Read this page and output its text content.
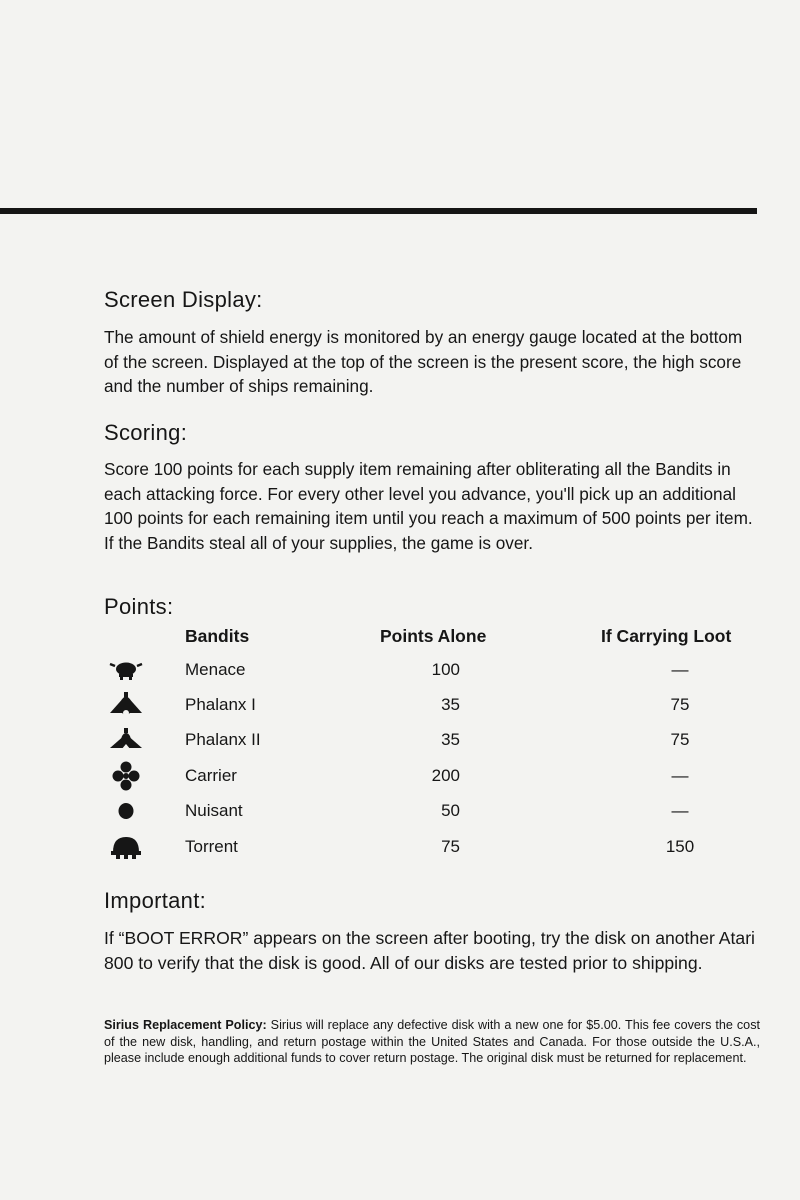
Screen Display:

The amount of shield energy is monitored by an energy gauge located at the bottom of the screen. Displayed at the top of the screen is the present score, the high score and the number of ships remaining.

Scoring:

Score 100 points for each supply item remaining after obliterating all the Bandits in each attacking force. For every other level you advance, you'll pick up an additional 100 points for each remaining item until you reach a maximum of 500 points per item. If the Bandits steal all of your supplies, the game is over.

Points:
Bandits	Points Alone	If Carrying Loot
Menace	100	—
Phalanx I	35	75
Phalanx II	35	75
Carrier	200	—
Nuisant	50	—
Torrent	75	150
Important:

If “BOOT ERROR” appears on the screen after booting, try the disk on another Atari 800 to verify that the disk is good. All of our disks are tested prior to shipping.

Sirius Replacement Policy: Sirius will replace any defective disk with a new one for $5.00. This fee covers the cost of the new disk, handling, and return postage within the United States and Canada. For those outside the U.S.A., please include enough additional funds to cover return postage. The original disk must be returned for replacement.
